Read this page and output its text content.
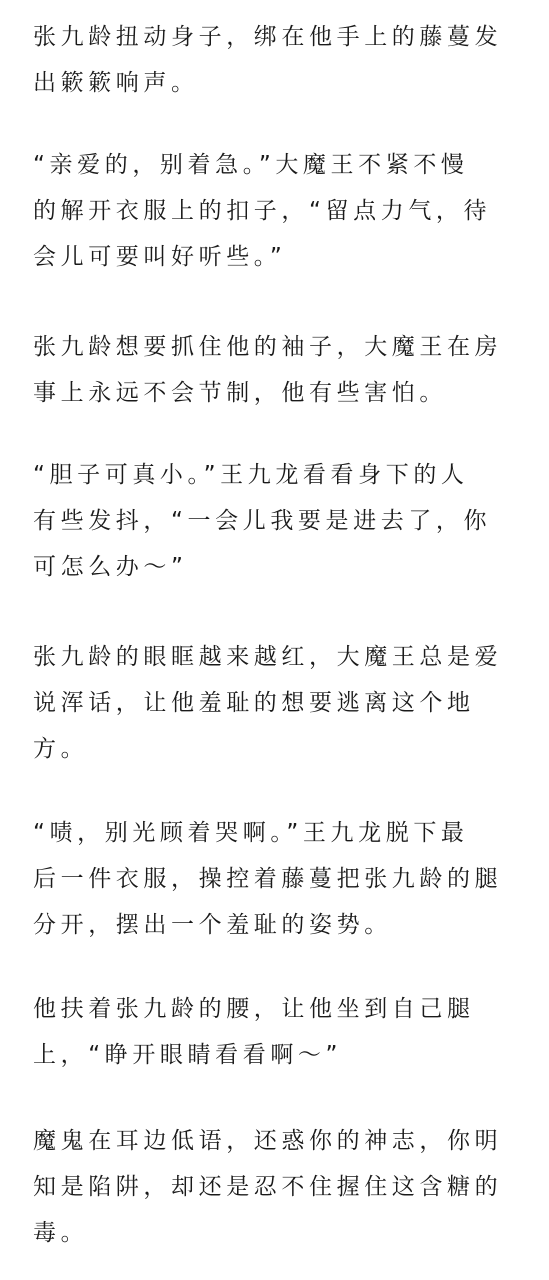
张九龄扭动身子，绑在他手上的藤蔓发

出簌簌响声。

“亲爱的，别着急。”大魔王不紧不慢

的解开衣服上的扣子，“留点力气，待

会儿可要叫好听些。”

张九龄想要抓住他的袖子，大魔王在房

事上永远不会节制，他有些害怕。

“胆子可真小。”王九龙看看身下的人

有些发抖，“一会儿我要是进去了，你

可怎么办～”

张九龄的眼眶越来越红，大魔王总是爱

说浑话，让他羞耻的想要逃离这个地

方。

“啧，别光顾着哭啊。”王九龙脱下最

后一件衣服，操控着藤蔓把张九龄的腿

分开，摆出一个羞耻的姿势。

他扶着张九龄的腰，让他坐到自己腿

上，“睁开眼睛看看啊～”

魔鬼在耳边低语，还惑你的神志，你明

知是陷阱，却还是忍不住握住这含糖的

毒。
